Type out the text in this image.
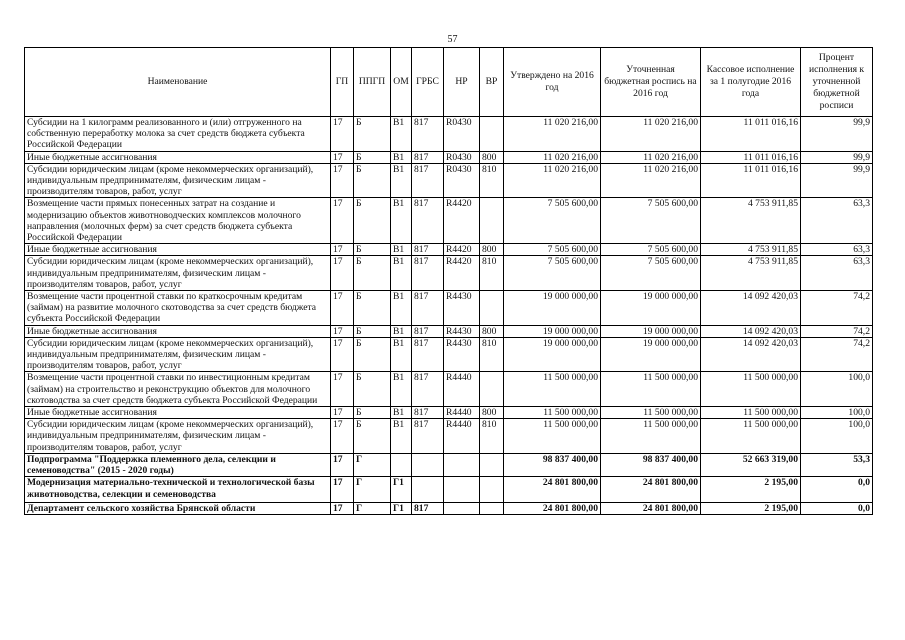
57
Наименование	ГП	ППГП	ОМ	ГРБС	НР	ВР	Утверждено на 2016 год	Уточненная бюджетная роспись на 2016 год	Кассовое исполнение за 1 полугодие 2016 года	Процент исполнения к уточненной бюджетной росписи
Субсидии на 1 килограмм реализованного и (или) отгруженного на собственную переработку молока за счет средств бюджета субъекта Российской Федерации	17	Б	В1	817	R0430		11 020 216,00	11 020 216,00	11 011 016,16	99,9
Иные бюджетные ассигнования	17	Б	В1	817	R0430	800	11 020 216,00	11 020 216,00	11 011 016,16	99,9
Субсидии юридическим лицам (кроме некоммерческих организаций), индивидуальным предпринимателям, физическим лицам - производителям товаров, работ, услуг	17	Б	В1	817	R0430	810	11 020 216,00	11 020 216,00	11 011 016,16	99,9
Возмещение части прямых понесенных затрат на создание и модернизацию объектов животноводческих комплексов молочного направления (молочных ферм) за счет средств бюджета субъекта Российской Федерации	17	Б	В1	817	R4420		7 505 600,00	7 505 600,00	4 753 911,85	63,3
Иные бюджетные ассигнования	17	Б	В1	817	R4420	800	7 505 600,00	7 505 600,00	4 753 911,85	63,3
Субсидии юридическим лицам (кроме некоммерческих организаций), индивидуальным предпринимателям, физическим лицам - производителям товаров, работ, услуг	17	Б	В1	817	R4420	810	7 505 600,00	7 505 600,00	4 753 911,85	63,3
Возмещение части процентной ставки по краткосрочным кредитам (займам) на развитие молочного скотоводства за счет средств бюджета субъекта Российской Федерации	17	Б	В1	817	R4430		19 000 000,00	19 000 000,00	14 092 420,03	74,2
Иные бюджетные ассигнования	17	Б	В1	817	R4430	800	19 000 000,00	19 000 000,00	14 092 420,03	74,2
Субсидии юридическим лицам (кроме некоммерческих организаций), индивидуальным предпринимателям, физическим лицам - производителям товаров, работ, услуг	17	Б	В1	817	R4430	810	19 000 000,00	19 000 000,00	14 092 420,03	74,2
Возмещение части процентной ставки по инвестиционным кредитам (займам) на строительство и реконструкцию объектов для молочного скотоводства за счет средств бюджета субъекта Российской Федерации	17	Б	В1	817	R4440		11 500 000,00	11 500 000,00	11 500 000,00	100,0
Иные бюджетные ассигнования	17	Б	В1	817	R4440	800	11 500 000,00	11 500 000,00	11 500 000,00	100,0
Субсидии юридическим лицам (кроме некоммерческих организаций), индивидуальным предпринимателям, физическим лицам - производителям товаров, работ, услуг	17	Б	В1	817	R4440	810	11 500 000,00	11 500 000,00	11 500 000,00	100,0
Подпрограмма "Поддержка племенного дела, селекции и семеноводства" (2015 - 2020 годы)	17	Г					98 837 400,00	98 837 400,00	52 663 319,00	53,3
Модернизация материально-технической и технологической базы животноводства, селекции и семеноводства	17	Г	Г1				24 801 800,00	24 801 800,00	2 195,00	0,0
Департамент сельского хозяйства Брянской области	17	Г	Г1	817			24 801 800,00	24 801 800,00	2 195,00	0,0
